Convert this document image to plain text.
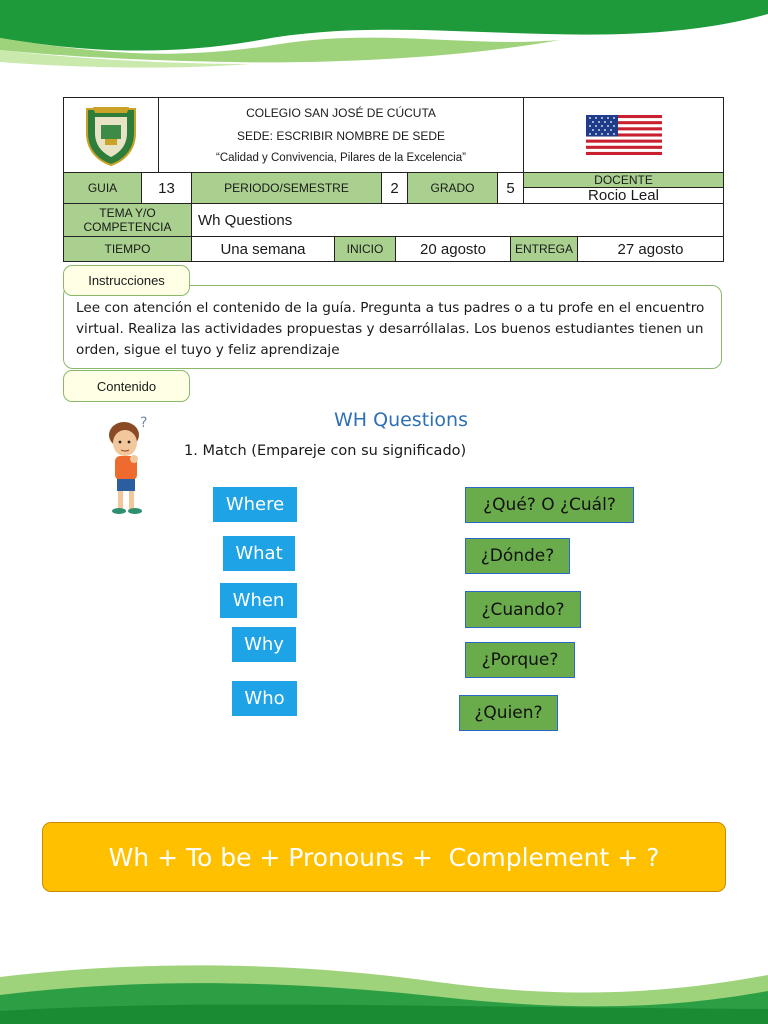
COLEGIO SAN JOSÉ DE CÚCUTA
SEDE: ESCRIBIR NOMBRE DE SEDE
“Calidad y Convivencia, Pilares de la Excelencia”
GUIA	13	PERIODO/SEMESTRE	2	GRADO	5	DOCENTE
Rocio Leal
TEMA Y/O COMPETENCIA	Wh Questions
TIEMPO	Una semana	INICIO	20 agosto	ENTREGA	27 agosto
Instrucciones
Lee con atención el contenido de la guía. Pregunta a tus padres o a tu profe en el encuentro virtual. Realiza las actividades propuestas y desarróllalas. Los buenos estudiantes tienen un orden, sigue el tuyo y feliz aprendizaje
Contenido
WH Questions
1. Match (Empareje con su significado)
?
Where
What
When
Why
Who
¿Qué? O ¿Cuál?
¿Dónde?
¿Cuando?
¿Porque?
¿Quien?
Wh + To be + Pronouns +  Complement + ?
